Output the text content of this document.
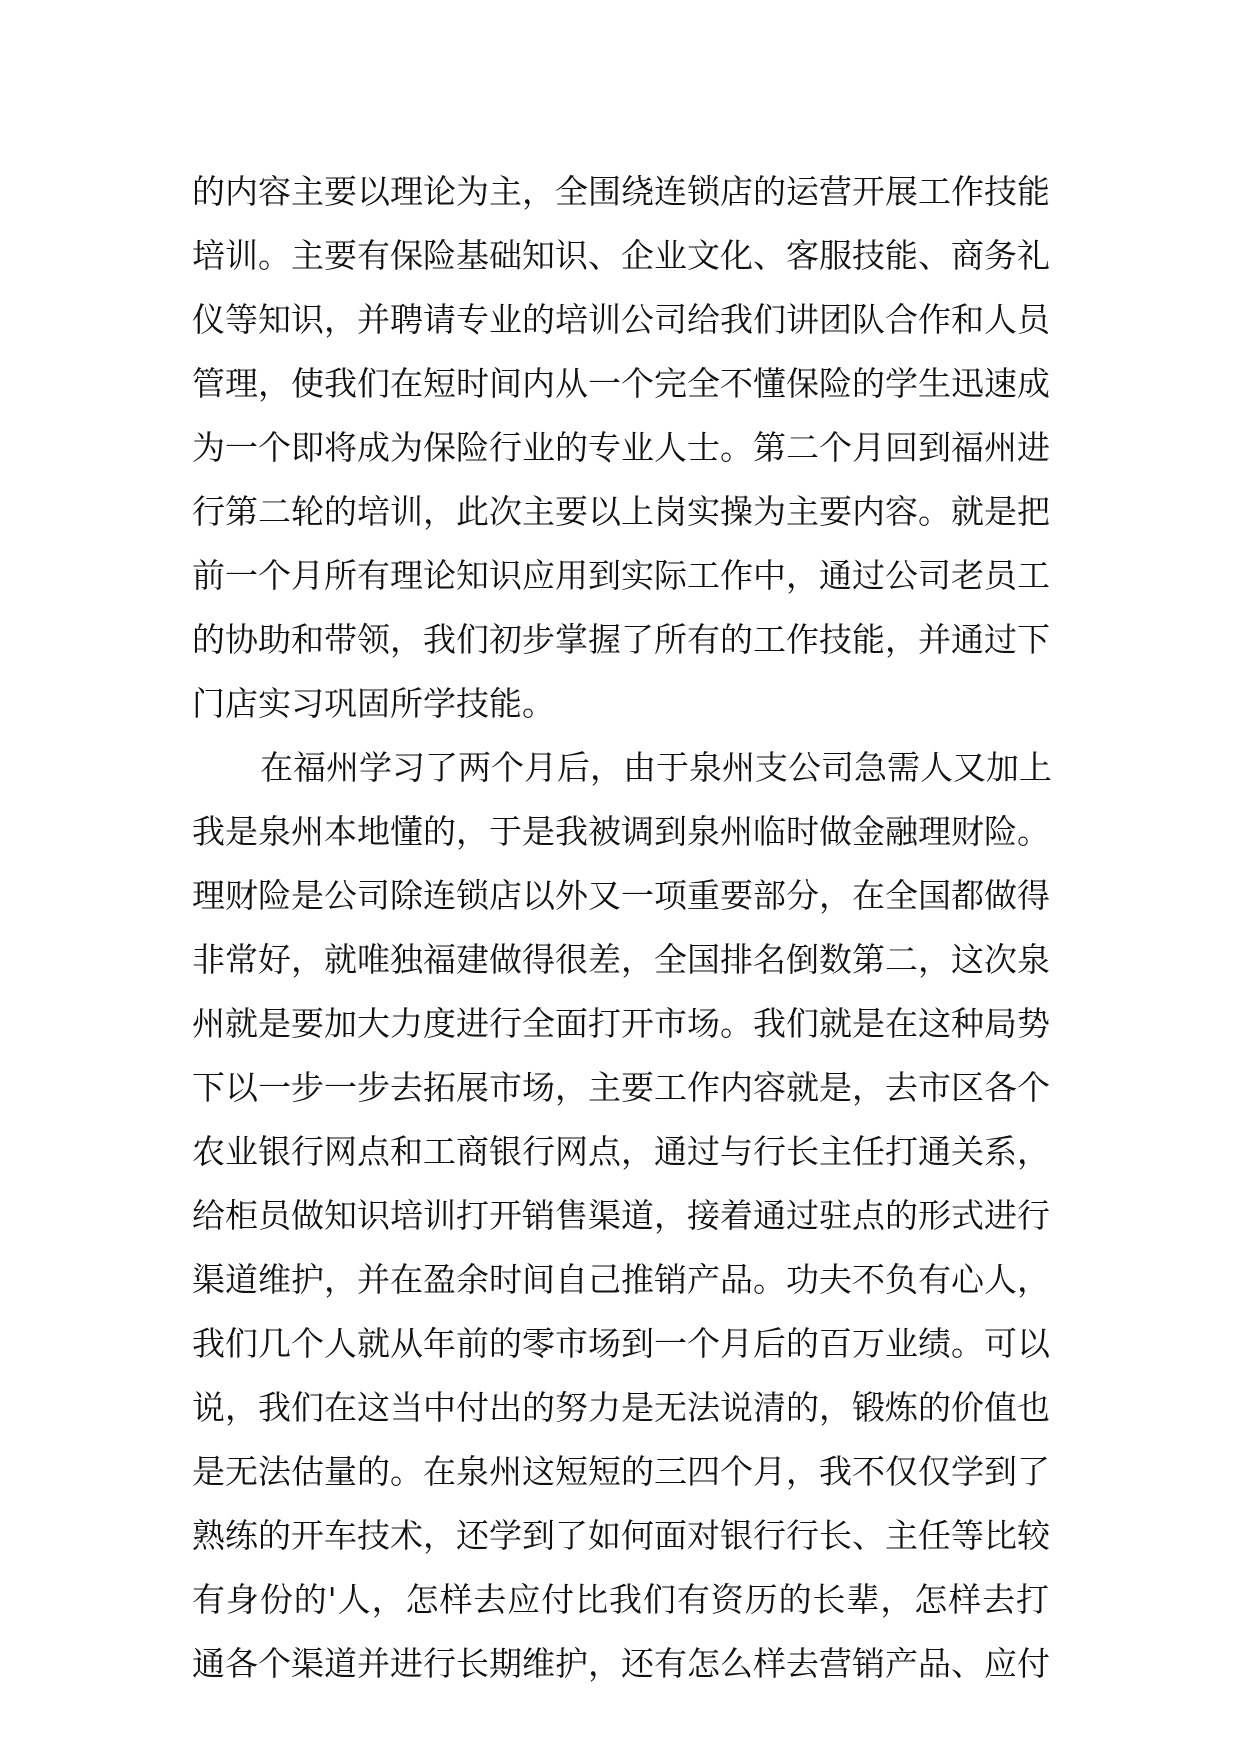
的内容主要以理论为主，全围绕连锁店的运营开展工作技能
培训。主要有保险基础知识、企业文化、客服技能、商务礼
仪等知识，并聘请专业的培训公司给我们讲团队合作和人员
管理，使我们在短时间内从一个完全不懂保险的学生迅速成
为一个即将成为保险行业的专业人士。第二个月回到福州进
行第二轮的培训，此次主要以上岗实操为主要内容。就是把
前一个月所有理论知识应用到实际工作中，通过公司老员工
的协助和带领，我们初步掌握了所有的工作技能，并通过下
门店实习巩固所学技能。
在福州学习了两个月后，由于泉州支公司急需人又加上
我是泉州本地懂的，于是我被调到泉州临时做金融理财险。
理财险是公司除连锁店以外又一项重要部分，在全国都做得
非常好，就唯独福建做得很差，全国排名倒数第二，这次泉
州就是要加大力度进行全面打开市场。我们就是在这种局势
下以一步一步去拓展市场，主要工作内容就是，去市区各个
农业银行网点和工商银行网点，通过与行长主任打通关系，
给柜员做知识培训打开销售渠道，接着通过驻点的形式进行
渠道维护，并在盈余时间自己推销产品。功夫不负有心人，
我们几个人就从年前的零市场到一个月后的百万业绩。可以
说，我们在这当中付出的努力是无法说清的，锻炼的价值也
是无法估量的。在泉州这短短的三四个月，我不仅仅学到了
熟练的开车技术，还学到了如何面对银行行长、主任等比较
有身份的'人，怎样去应付比我们有资历的长辈，怎样去打
通各个渠道并进行长期维护，还有怎么样去营销产品、应付
